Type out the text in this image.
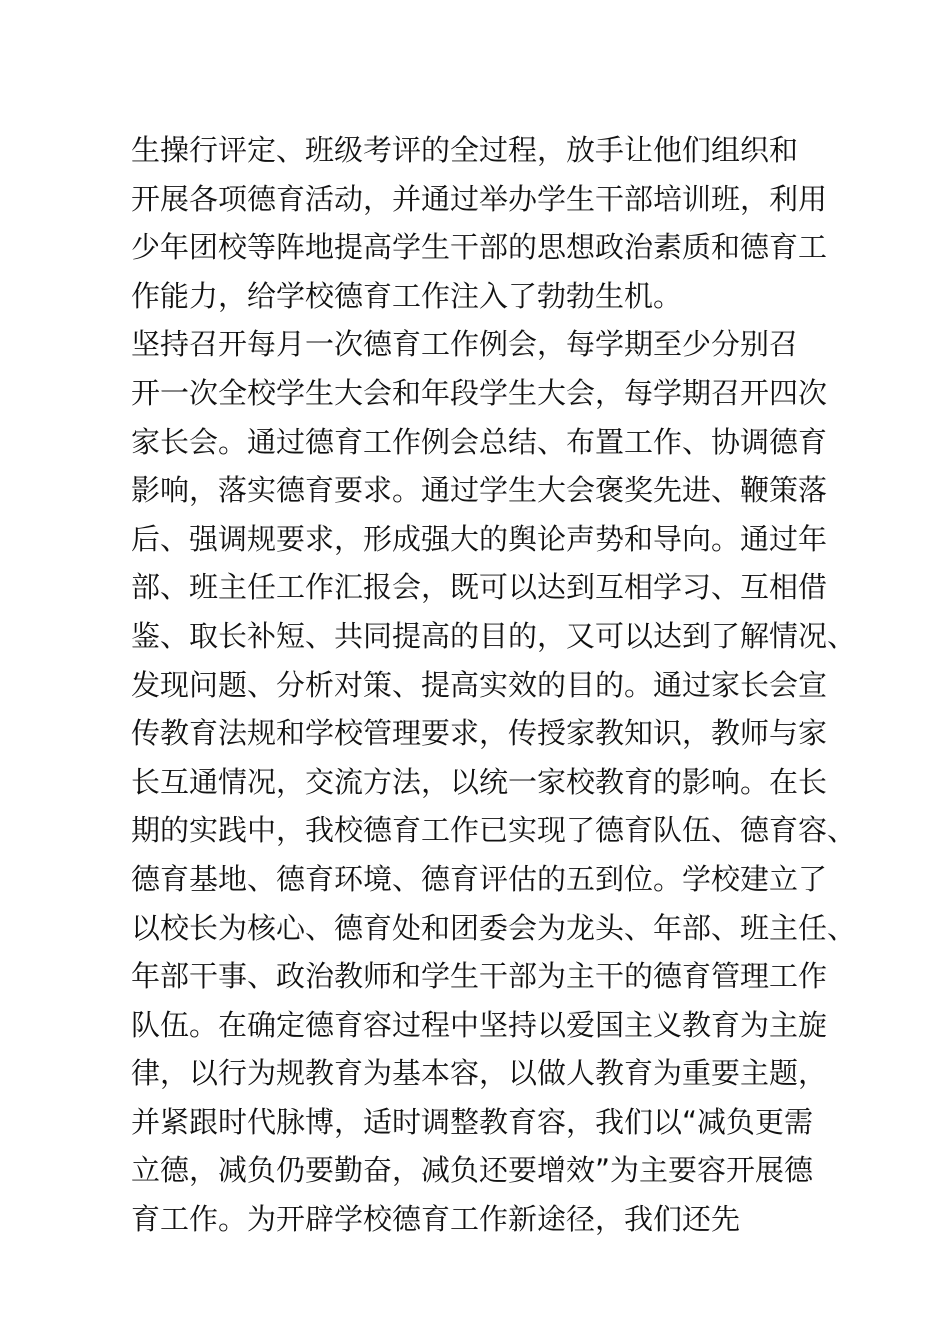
生操行评定、班级考评的全过程，放手让他们组织和
开展各项德育活动，并通过举办学生干部培训班，利用
少年团校等阵地提高学生干部的思想政治素质和德育工
作能力，给学校德育工作注入了勃勃生机。
坚持召开每月一次德育工作例会，每学期至少分别召
开一次全校学生大会和年段学生大会，每学期召开四次
家长会。通过德育工作例会总结、布置工作、协调德育
影响，落实德育要求。通过学生大会褒奖先进、鞭策落
后、强调规要求，形成强大的舆论声势和导向。通过年
部、班主任工作汇报会，既可以达到互相学习、互相借
鉴、取长补短、共同提高的目的，又可以达到了解情况、
发现问题、分析对策、提高实效的目的。通过家长会宣
传教育法规和学校管理要求，传授家教知识，教师与家
长互通情况，交流方法，以统一家校教育的影响。在长
期的实践中，我校德育工作已实现了德育队伍、德育容、
德育基地、德育环境、德育评估的五到位。学校建立了
以校长为核心、德育处和团委会为龙头、年部、班主任、
年部干事、政治教师和学生干部为主干的德育管理工作
队伍。在确定德育容过程中坚持以爱国主义教育为主旋
律，以行为规教育为基本容，以做人教育为重要主题，
并紧跟时代脉博，适时调整教育容，我们以“减负更需
立德，减负仍要勤奋，减负还要增效”为主要容开展德
育工作。为开辟学校德育工作新途径，我们还先
